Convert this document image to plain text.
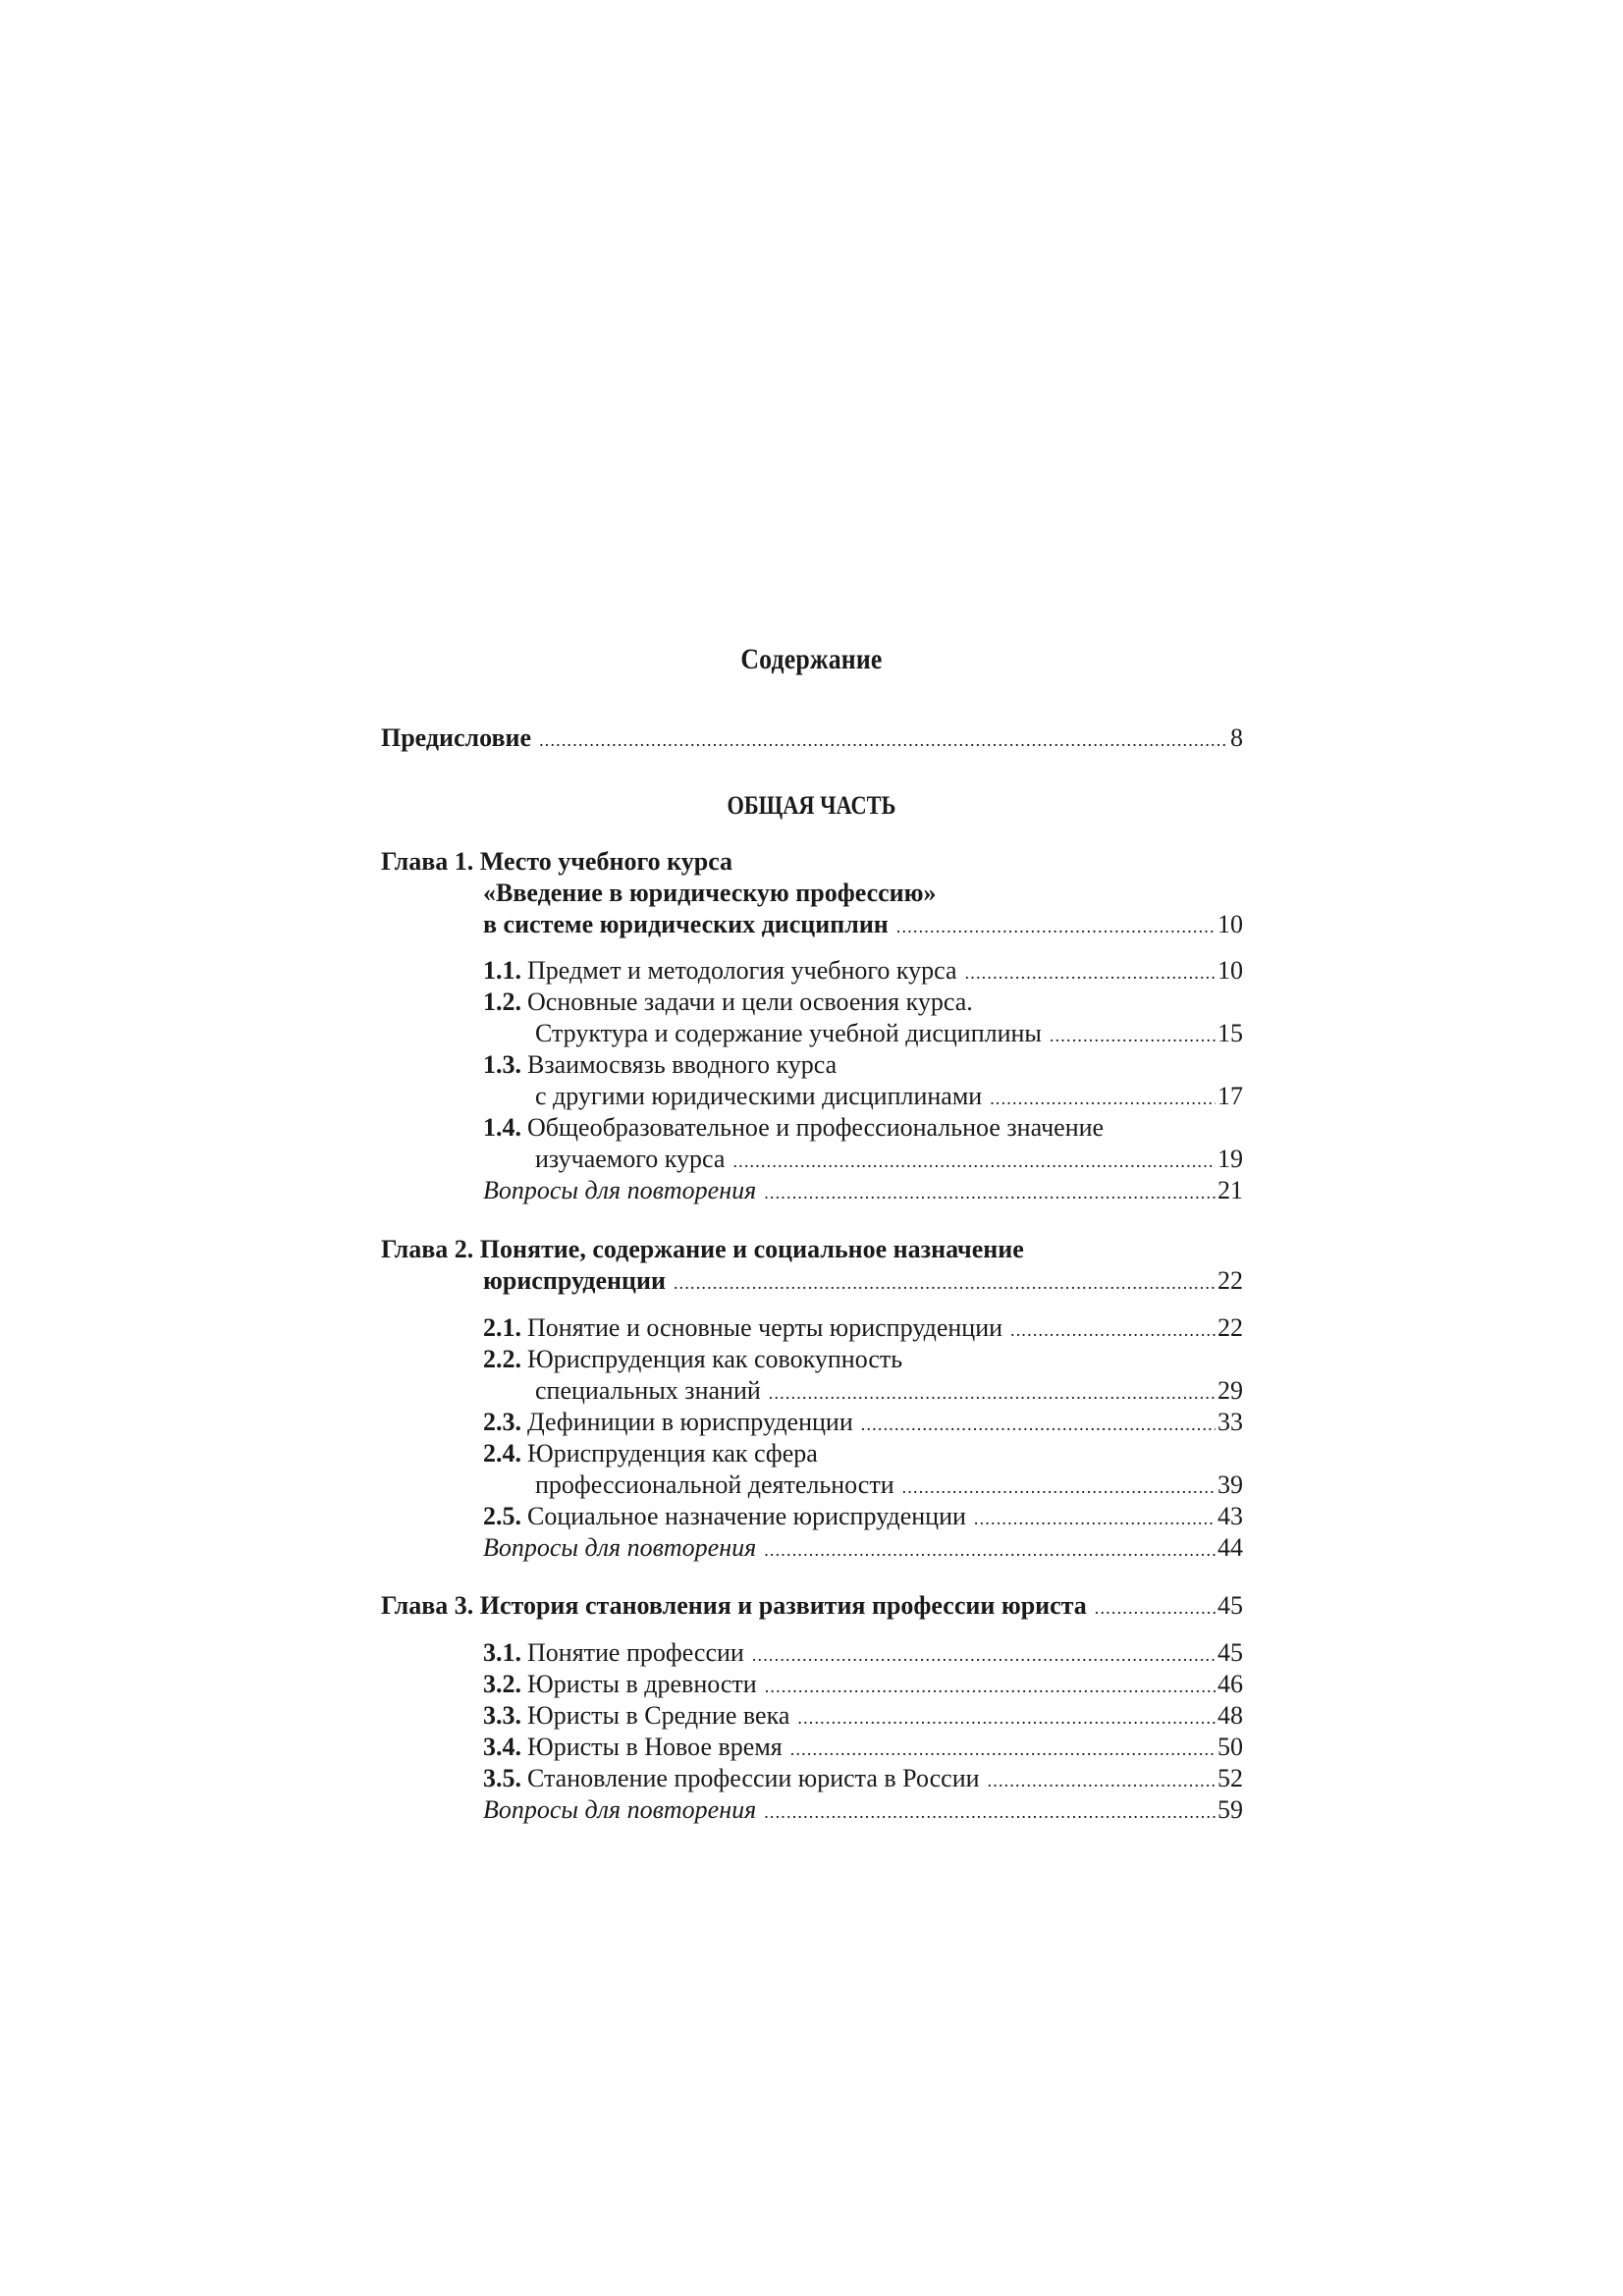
Содержание
Предисловие .....	8
ОБЩАЯ ЧАСТЬ
Глава 1.
Место учебного курса
«Введение в юридическую профессию»
в системе юридических дисциплин .....	10
1.1. Предмет и методология учебного курса .....	10
1.2. Основные задачи и цели освоения курса.
Структура и содержание учебной дисциплины .....	15
1.3. Взаимосвязь вводного курса
с другими юридическими дисциплинами .....	17
1.4. Общеобразовательное и профессиональное значение
изучаемого курса .....	19
Вопросы для повторения .....	21
Глава 2.
Понятие, содержание и социальное назначение
юриспруденции .....	22
2.1. Понятие и основные черты юриспруденции .....	22
2.2. Юриспруденция как совокупность
специальных знаний .....	29
2.3. Дефиниции в юриспруденции .....	33
2.4. Юриспруденция как сфера
профессиональной деятельности .....	39
2.5. Социальное назначение юриспруденции .....	43
Вопросы для повторения .....	44
Глава 3. История становления и развития профессии юриста .....	45
3.1. Понятие профессии .....	45
3.2. Юристы в древности .....	46
3.3. Юристы в Средние века .....	48
3.4. Юристы в Новое время .....	50
3.5. Становление профессии юриста в России .....	52
Вопросы для повторения .....	59
